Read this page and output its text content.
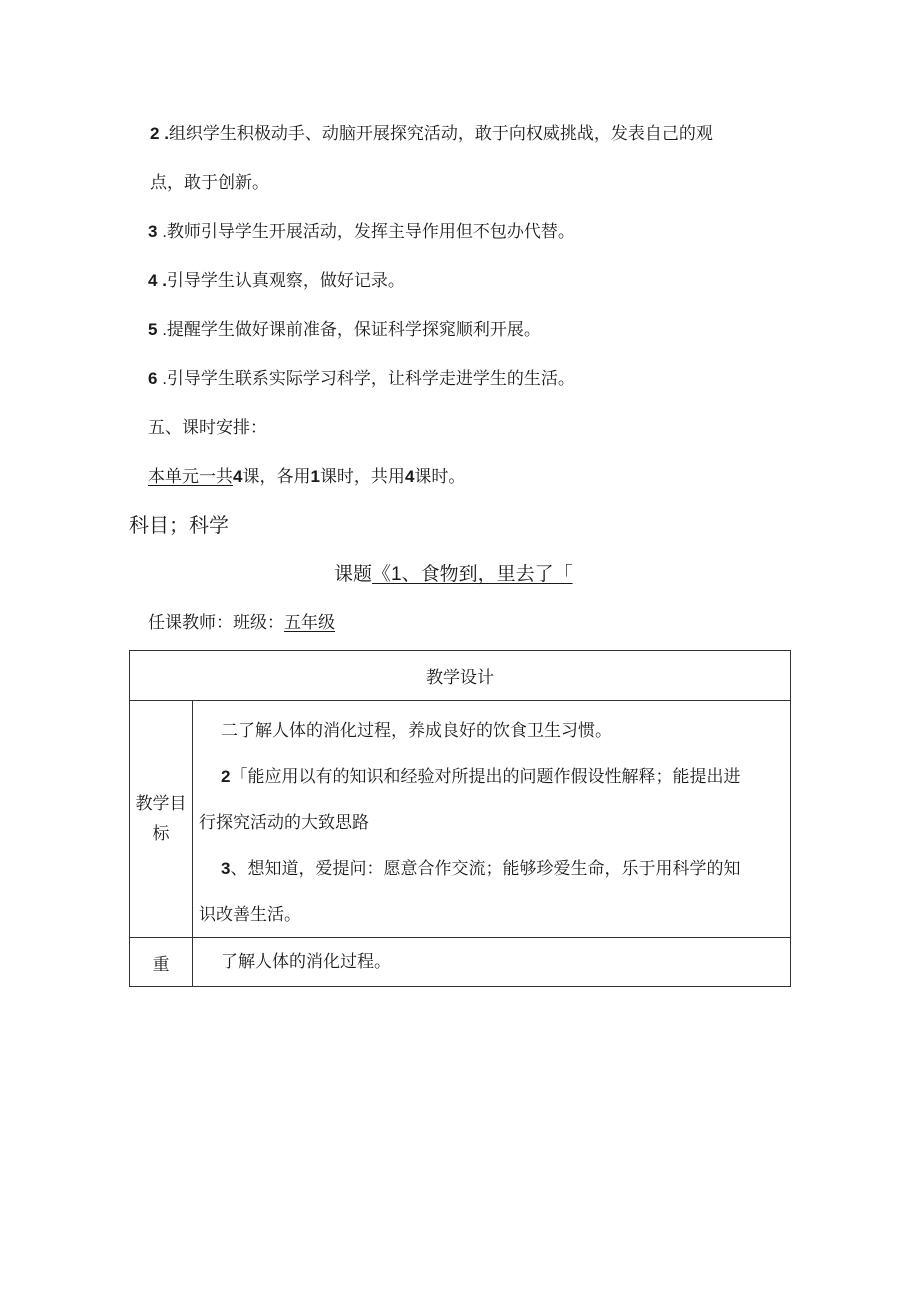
2 .组织学生积极动手、动脑开展探究活动，敢于向权威挑战，发表自己的观
点，敢于创新。
3 .教师引导学生开展活动，发挥主导作用但不包办代替。
4 .引导学生认真观察，做好记录。
5 .提醒学生做好课前准备，保证科学探窕顺利开展。
6 .引导学生联系实际学习科学，让科学走进学生的生活。
五、课时安排：
本单元一共4课，各用1课时，共用4课时。
科目；科学
课题《1、食物到，里去了「
任课教师：班级：五年级
教学设计	
教学目标	二了解人体的消化过程，养成良好的饮食卫生习惯。
2「能应用以有的知识和经验对所提出的问题作假设性解释；能提出进
行探究活动的大致思路
3、想知道，爱提问：愿意合作交流；能够珍爱生命，乐于用科学的知
识改善生活。

重	了解人体的消化过程。
